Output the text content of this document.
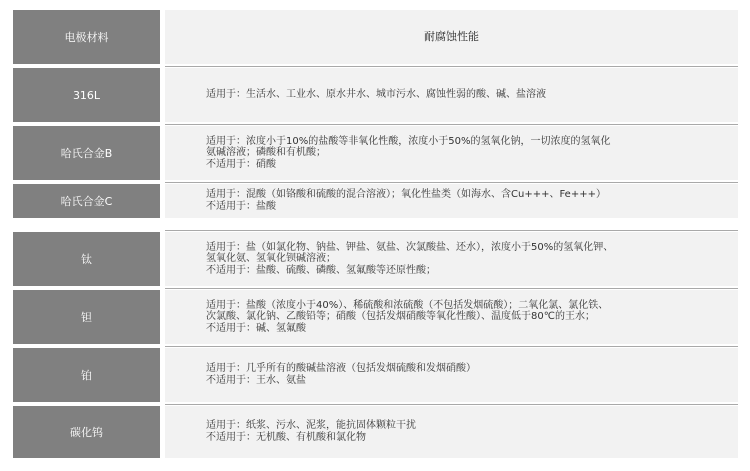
电极材料	耐腐蚀性能
316L	适用于：生活水、工业水、原水井水、城市污水、腐蚀性弱的酸、碱、盐溶液
哈氏合金B
适用于：浓度小于10%的盐酸等非氧化性酸，浓度小于50%的氢氧化钠，一切浓度的氢氧化
氨碱溶液；磷酸和有机酸；
不适用于：硝酸
哈氏合金C
适用于：混酸（如铬酸和硫酸的混合溶液）；氧化性盐类（如海水、含Cu+++、Fe+++）
不适用于：盐酸
钛
适用于：盐（如氯化物、钠盐、钾盐、氨盐、次氯酸盐、还水），浓度小于50%的氢氧化钾、
氢氧化氨、氢氧化钡碱溶液；
不适用于：盐酸、硫酸、磷酸、氢氟酸等还原性酸；
钽
适用于：盐酸（浓度小于40%）、稀硫酸和浓硫酸（不包括发烟硫酸）；二氧化氯、氯化铁、
次氯酸、氯化钠、乙酸铅等；硝酸（包括发烟硝酸等氧化性酸）、温度低于80℃的王水；
不适用于：碱、氢氟酸
铂
适用于：几乎所有的酸碱盐溶液（包括发烟硫酸和发烟硝酸）
不适用于：王水、氨盐
碳化钨
适用于：纸浆、污水、泥浆，能抗固体颗粒干扰
不适用于：无机酸、有机酸和氯化物
